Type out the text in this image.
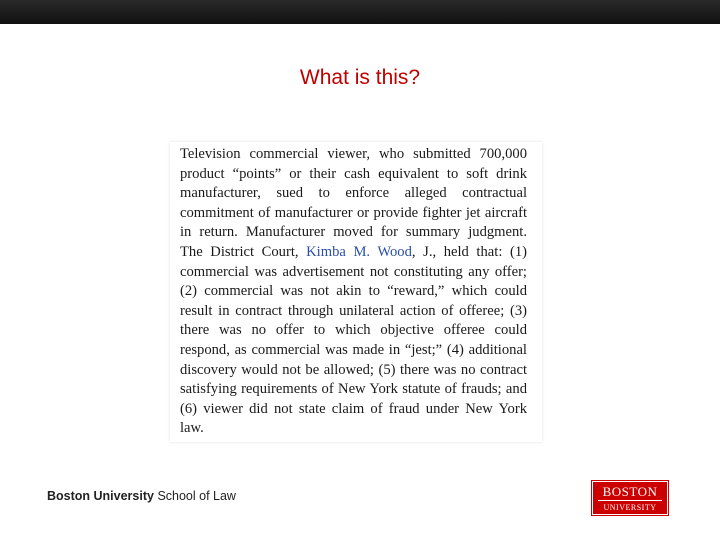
What is this?

Television commercial viewer, who submitted 700,000 product “points” or their cash equivalent to soft drink manufacturer, sued to enforce alleged contractual commitment of manufacturer or provide fighter jet aircraft in return. Manufacturer moved for summary judgment. The District Court, Kimba M. Wood, J., held that: (1) commercial was advertisement not constituting any offer; (2) commercial was not akin to “reward,” which could result in contract through unilateral action of offeree; (3) there was no offer to which objective offeree could respond, as commercial was made in “jest;” (4) additional discovery would not be allowed; (5) there was no contract satisfying requirements of New York statute of frauds; and (6) viewer did not state claim of fraud under New York law.

Boston University School of Law	BOSTON
UNIVERSITY
